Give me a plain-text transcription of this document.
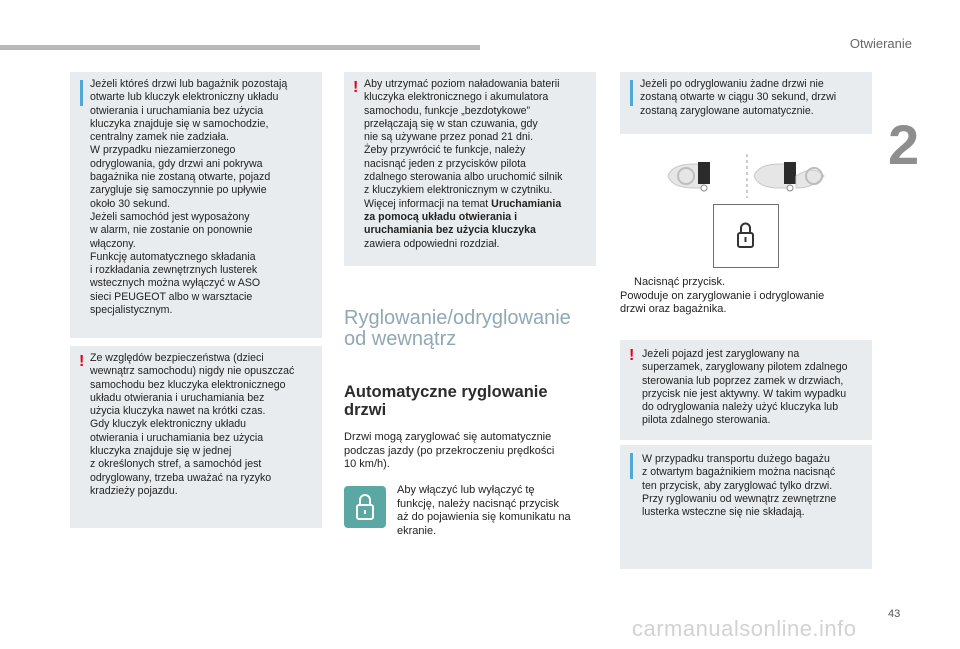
Otwieranie
2
Jeżeli któreś drzwi lub bagażnik pozostają
otwarte lub kluczyk elektroniczny układu
otwierania i uruchamiania bez użycia
kluczyka znajduje się w samochodzie,
centralny zamek nie zadziała.
W przypadku niezamierzonego
odryglowania, gdy drzwi ani pokrywa
bagażnika nie zostaną otwarte, pojazd
zarygluje się samoczynnie po upływie
około 30 sekund.
Jeżeli samochód jest wyposażony
w alarm, nie zostanie on ponownie
włączony.
Funkcję automatycznego składania
i rozkładania zewnętrznych lusterek
wstecznych można wyłączyć w ASO
sieci PEUGEOT albo w warsztacie
specjalistycznym.
! Ze względów bezpieczeństwa (dzieci
wewnątrz samochodu) nigdy nie opuszczać
samochodu bez kluczyka elektronicznego
układu otwierania i uruchamiania bez
użycia kluczyka nawet na krótki czas.
Gdy kluczyk elektroniczny układu
otwierania i uruchamiania bez użycia
kluczyka znajduje się w jednej
z określonych stref, a samochód jest
odryglowany, trzeba uważać na ryzyko
kradzieży pojazdu.
! Aby utrzymać poziom naładowania baterii
kluczyka elektronicznego i akumulatora
samochodu, funkcje „bezdotykowe”
przełączają się w stan czuwania, gdy
nie są używane przez ponad 21 dni.
Żeby przywrócić te funkcje, należy
nacisnąć jeden z przycisków pilota
zdalnego sterowania albo uruchomić silnik
z kluczykiem elektronicznym w czytniku.
Więcej informacji na temat Uruchamiania
za pomocą układu otwierania i
uruchamiania bez użycia kluczyka
zawiera odpowiedni rozdział.
Ryglowanie/odryglowanie
od wewnątrz
Automatyczne ryglowanie
drzwi
Drzwi mogą zaryglować się automatycznie
podczas jazdy (po przekroczeniu prędkości
10 km/h).
Aby włączyć lub wyłączyć tę
funkcję, należy nacisnąć przycisk
aż do pojawienia się komunikatu na
ekranie.
Jeżeli po odryglowaniu żadne drzwi nie
zostaną otwarte w ciągu 30 sekund, drzwi
zostaną zaryglowane automatycznie.
Nacisnąć przycisk.
Powoduje on zaryglowanie i odryglowanie
drzwi oraz bagażnika.
! Jeżeli pojazd jest zaryglowany na
superzamek, zaryglowany pilotem zdalnego
sterowania lub poprzez zamek w drzwiach,
przycisk nie jest aktywny. W takim wypadku
do odryglowania należy użyć kluczyka lub
pilota zdalnego sterowania.
W przypadku transportu dużego bagażu
z otwartym bagażnikiem można nacisnąć
ten przycisk, aby zaryglować tylko drzwi.
Przy ryglowaniu od wewnątrz zewnętrzne
lusterka wsteczne się nie składają.
43
carmanualsonline.info
